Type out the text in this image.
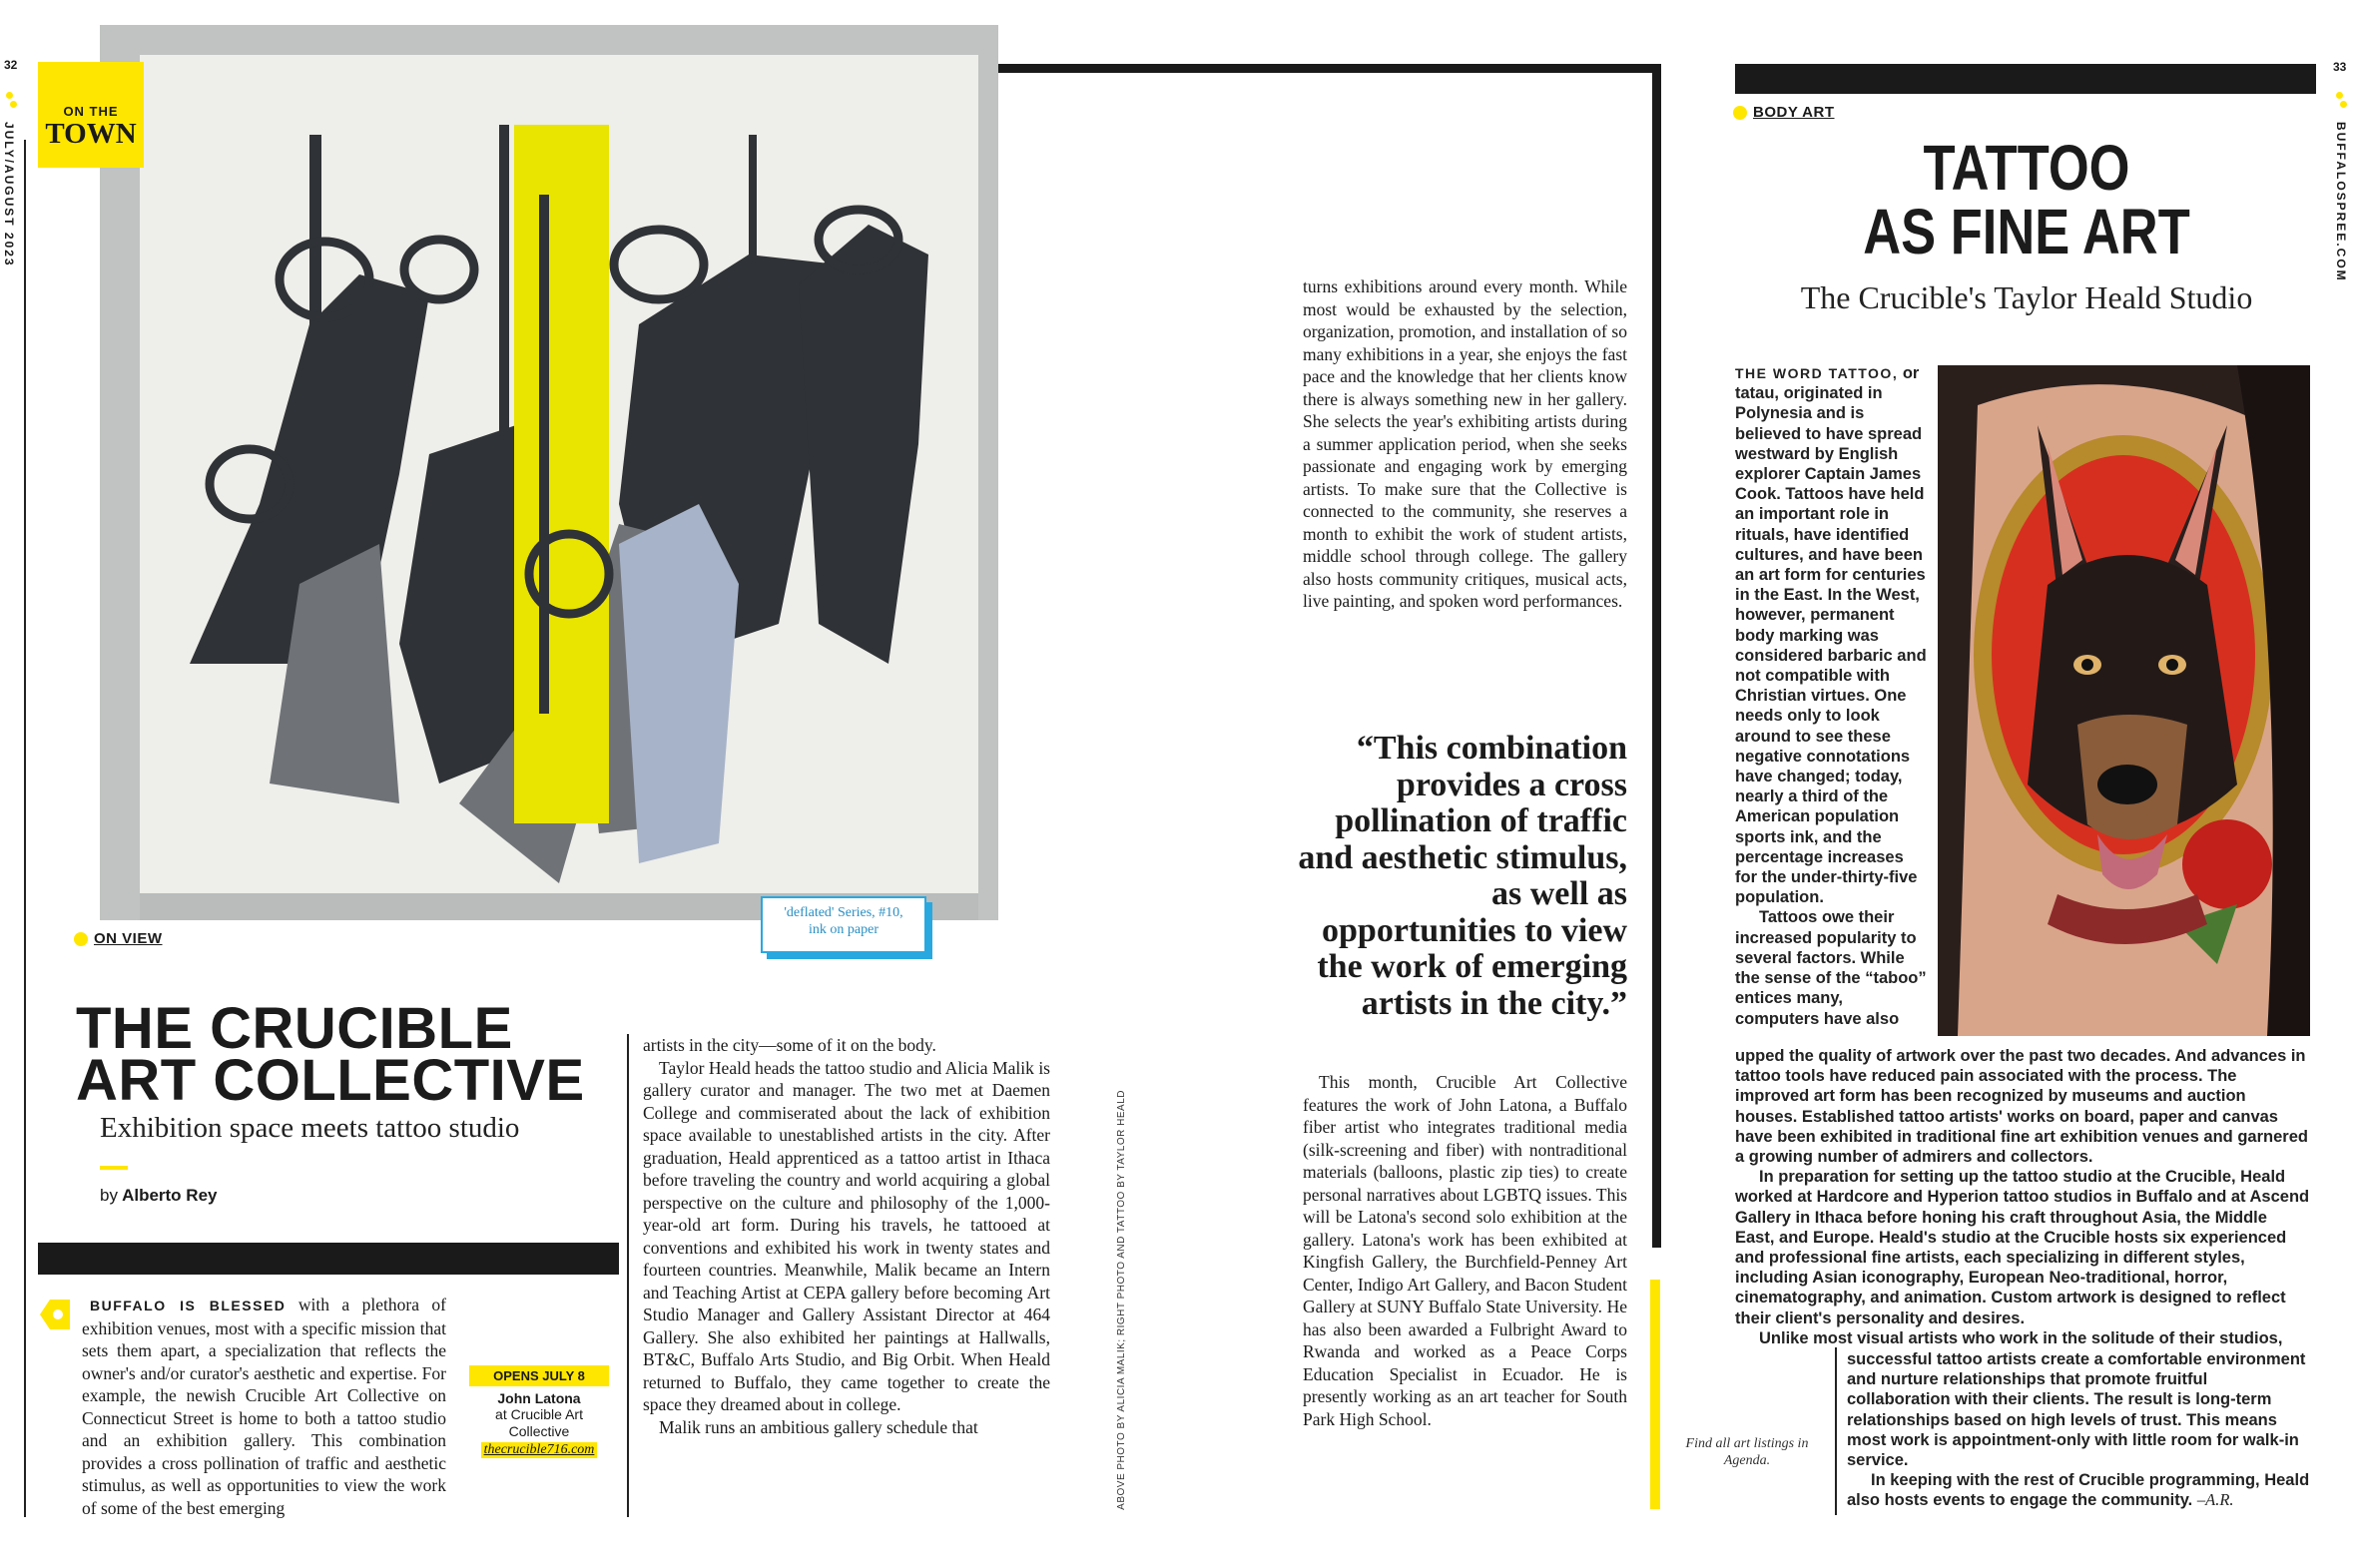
32
JULY/AUGUST 2023
ON THE
TOWN
'deflated' Series, #10,
ink on paper
ON VIEW
THE CRUCIBLE
ART COLLECTIVE
Exhibition space meets tattoo studio
by Alberto Rey
BUFFALO IS BLESSED with a plethora of exhibition venues, most with a specific mission that sets them apart, a specialization that reflects the owner's and/or curator's aesthetic and expertise. For example, the newish Crucible Art Collective on Connecticut Street is home to both a tattoo studio and an exhibition gallery. This combination provides a cross pollination of traffic and aesthetic stimulus, as well as opportunities to view the work of some of the best emerging
OPENS JULY 8
John Latona
at Crucible Art
Collective
thecrucible716.com
artists in the city—some of it on the body.
Taylor Heald heads the tattoo studio and Alicia Malik is gallery curator and manager. The two met at Daemen College and commiserated about the lack of exhibition space available to unestablished artists in the city. After graduation, Heald apprenticed as a tattoo artist in Ithaca before traveling the country and world acquiring a global perspective on the culture and philosophy of the 1,000-year-old art form. During his travels, he tattooed at conventions and exhibited his work in twenty states and fourteen countries. Meanwhile, Malik became an Intern and Teaching Artist at CEPA gallery before becoming Art Studio Manager and Gallery Assistant Director at 464 Gallery. She also exhibited her paintings at Hallwalls, BT&C, Buffalo Arts Studio, and Big Orbit. When Heald returned to Buffalo, they came together to create the space they dreamed about in college.
Malik runs an ambitious gallery schedule that	ABOVE PHOTO BY ALICIA MALIK; RIGHT PHOTO AND TATTOO BY TAYLOR HEALD
turns exhibitions around every month. While most would be exhausted by the selection, organization, promotion, and installation of so many exhibitions in a year, she enjoys the fast pace and the knowledge that her clients know there is always something new in her gallery. She selects the year's exhibiting artists during a summer application period, when she seeks passionate and engaging work by emerging artists. To make sure that the Collective is connected to the community, she reserves a month to exhibit the work of student artists, middle school through college. The gallery also hosts community critiques, musical acts, live painting, and spoken word performances.
“This combination provides a cross pollination of traffic and aesthetic stimulus, as well as opportunities to view the work of emerging artists in the city.”
This month, Crucible Art Collective features the work of John Latona, a Buffalo fiber artist who integrates traditional media (silk-screening and fiber) with nontraditional materials (balloons, plastic zip ties) to create personal narratives about LGBTQ issues. This will be Latona's second solo exhibition at the gallery. Latona's work has been exhibited at Kingfish Gallery, the Burchfield-Penney Art Center, Indigo Art Gallery, and Bacon Student Gallery at SUNY Buffalo State University. He has also been awarded a Fulbright Award to Rwanda and worked as a Peace Corps Education Specialist in Ecuador. He is presently working as an art teacher for South Park High School.
Find all art listings in
Agenda.
BODY ART
33
BUFFALOSPREE.COM
TATTOO
AS FINE ART
The Crucible's Taylor Heald Studio
THE WORD TATTOO, or tatau, originated in Polynesia and is believed to have spread westward by English explorer Captain James Cook. Tattoos have held an important role in rituals, have identified cultures, and have been an art form for centuries in the East. In the West, however, permanent body marking was considered barbaric and not compatible with Christian virtues. One needs only to look around to see these negative connotations have changed; today, nearly a third of the American population sports ink, and the percentage increases for the under-thirty-five population.
Tattoos owe their increased popularity to several factors. While the sense of the “taboo” entices many, computers have also
upped the quality of artwork over the past two decades. And advances in tattoo tools have reduced pain associated with the process. The improved art form has been recognized by museums and auction houses. Established tattoo artists' works on board, paper and canvas have been exhibited in traditional fine art exhibition venues and garnered a growing number of admirers and collectors.
In preparation for setting up the tattoo studio at the Crucible, Heald worked at Hardcore and Hyperion tattoo studios in Buffalo and at Ascend Gallery in Ithaca before honing his craft throughout Asia, the Middle East, and Europe. Heald's studio at the Crucible hosts six experienced and professional fine artists, each specializing in different styles, including Asian iconography, European Neo-traditional, horror, cinematography, and animation. Custom artwork is designed to reflect their client's personality and desires.
Unlike most visual artists who work in the solitude of their studios,
successful tattoo artists create a comfortable environment and nurture relationships that promote fruitful collaboration with their clients. The result is long-term relationships based on high levels of trust. This means most work is appointment-only with little room for walk-in service.
In keeping with the rest of Crucible programming, Heald also hosts events to engage the community. –A.R.
